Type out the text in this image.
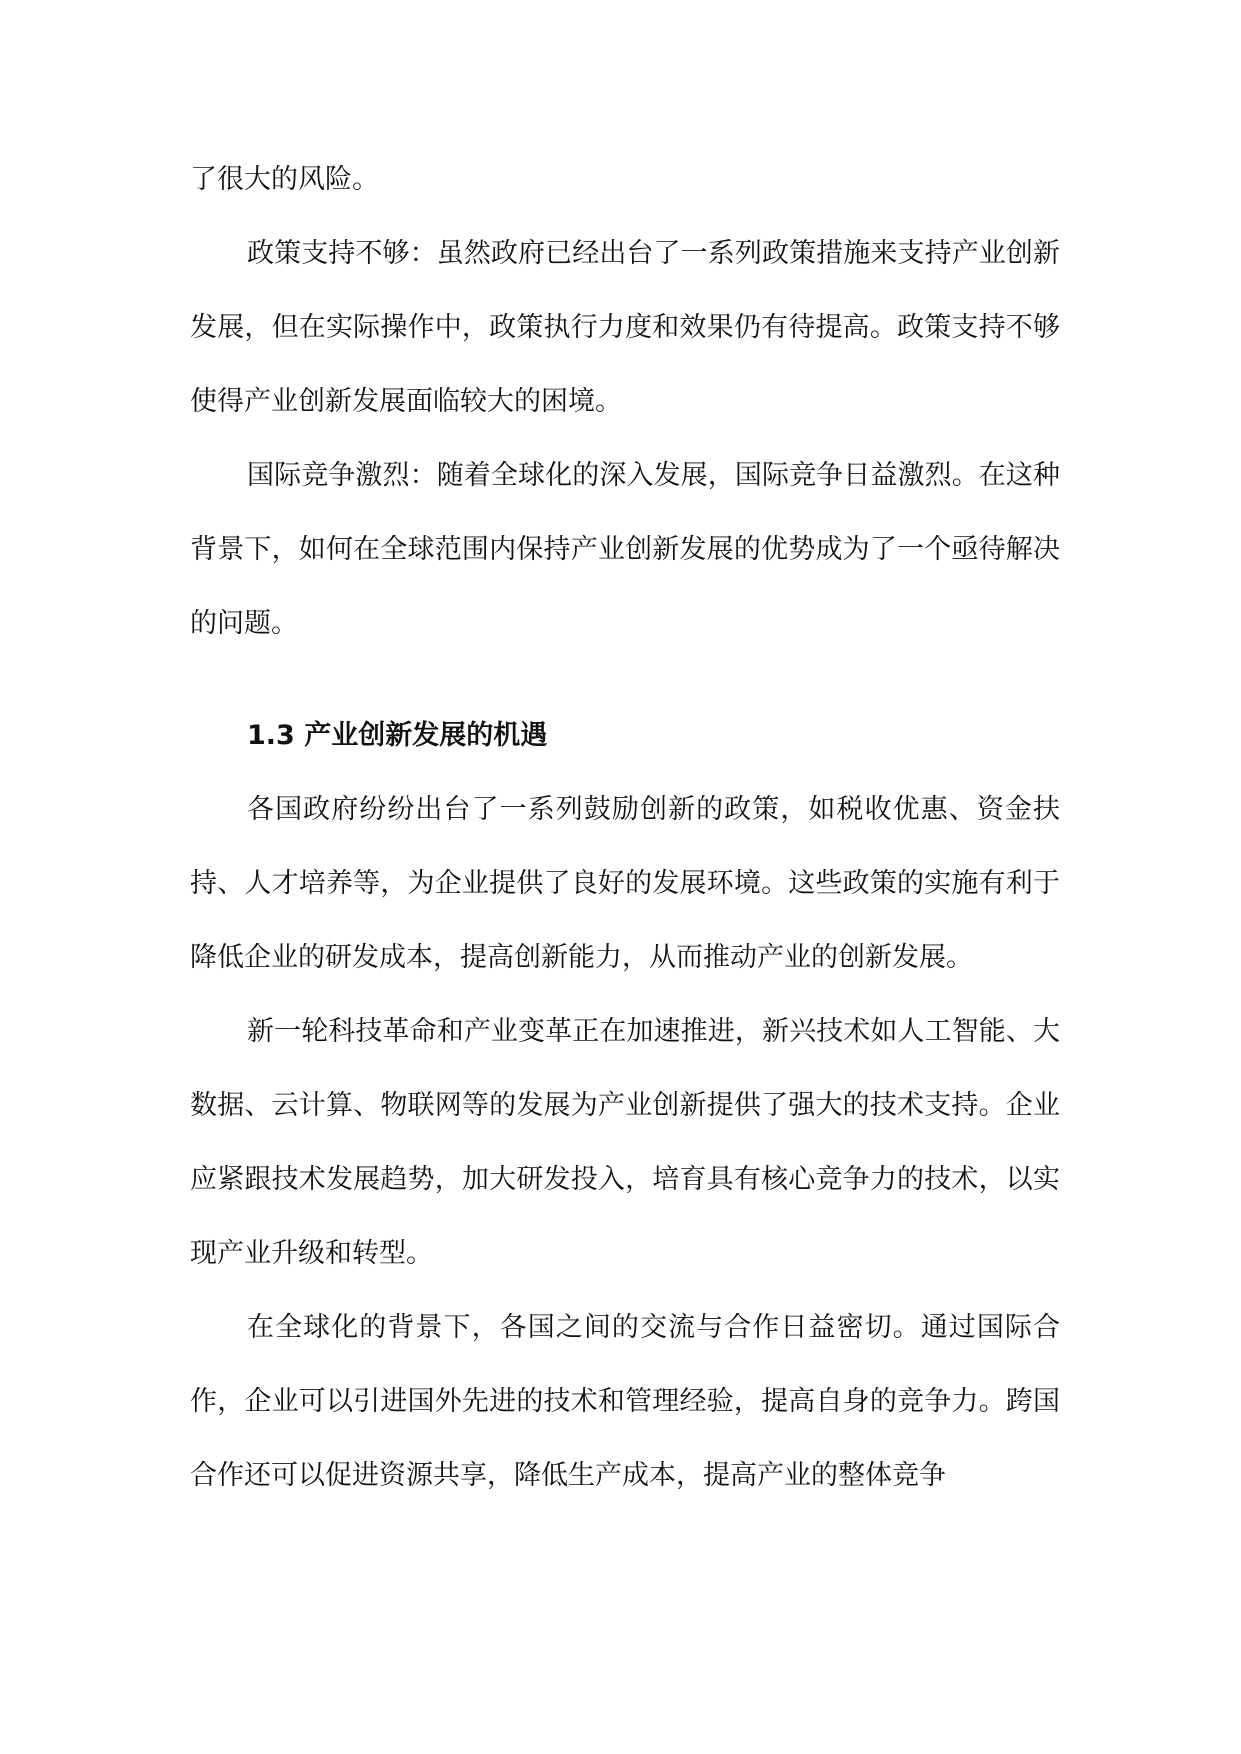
了很大的风险。

政策支持不够：虽然政府已经出台了一系列政策措施来支持产业创新发展，但在实际操作中，政策执行力度和效果仍有待提高。政策支持不够使得产业创新发展面临较大的困境。

国际竞争激烈：随着全球化的深入发展，国际竞争日益激烈。在这种背景下，如何在全球范围内保持产业创新发展的优势成为了一个亟待解决的问题。

1.3 产业创新发展的机遇

各国政府纷纷出台了一系列鼓励创新的政策，如税收优惠、资金扶持、人才培养等，为企业提供了良好的发展环境。这些政策的实施有利于降低企业的研发成本，提高创新能力，从而推动产业的创新发展。

新一轮科技革命和产业变革正在加速推进，新兴技术如人工智能、大数据、云计算、物联网等的发展为产业创新提供了强大的技术支持。企业应紧跟技术发展趋势，加大研发投入，培育具有核心竞争力的技术，以实现产业升级和转型。

在全球化的背景下，各国之间的交流与合作日益密切。通过国际合作，企业可以引进国外先进的技术和管理经验，提高自身的竞争力。跨国合作还可以促进资源共享，降低生产成本，提高产业的整体竞争
